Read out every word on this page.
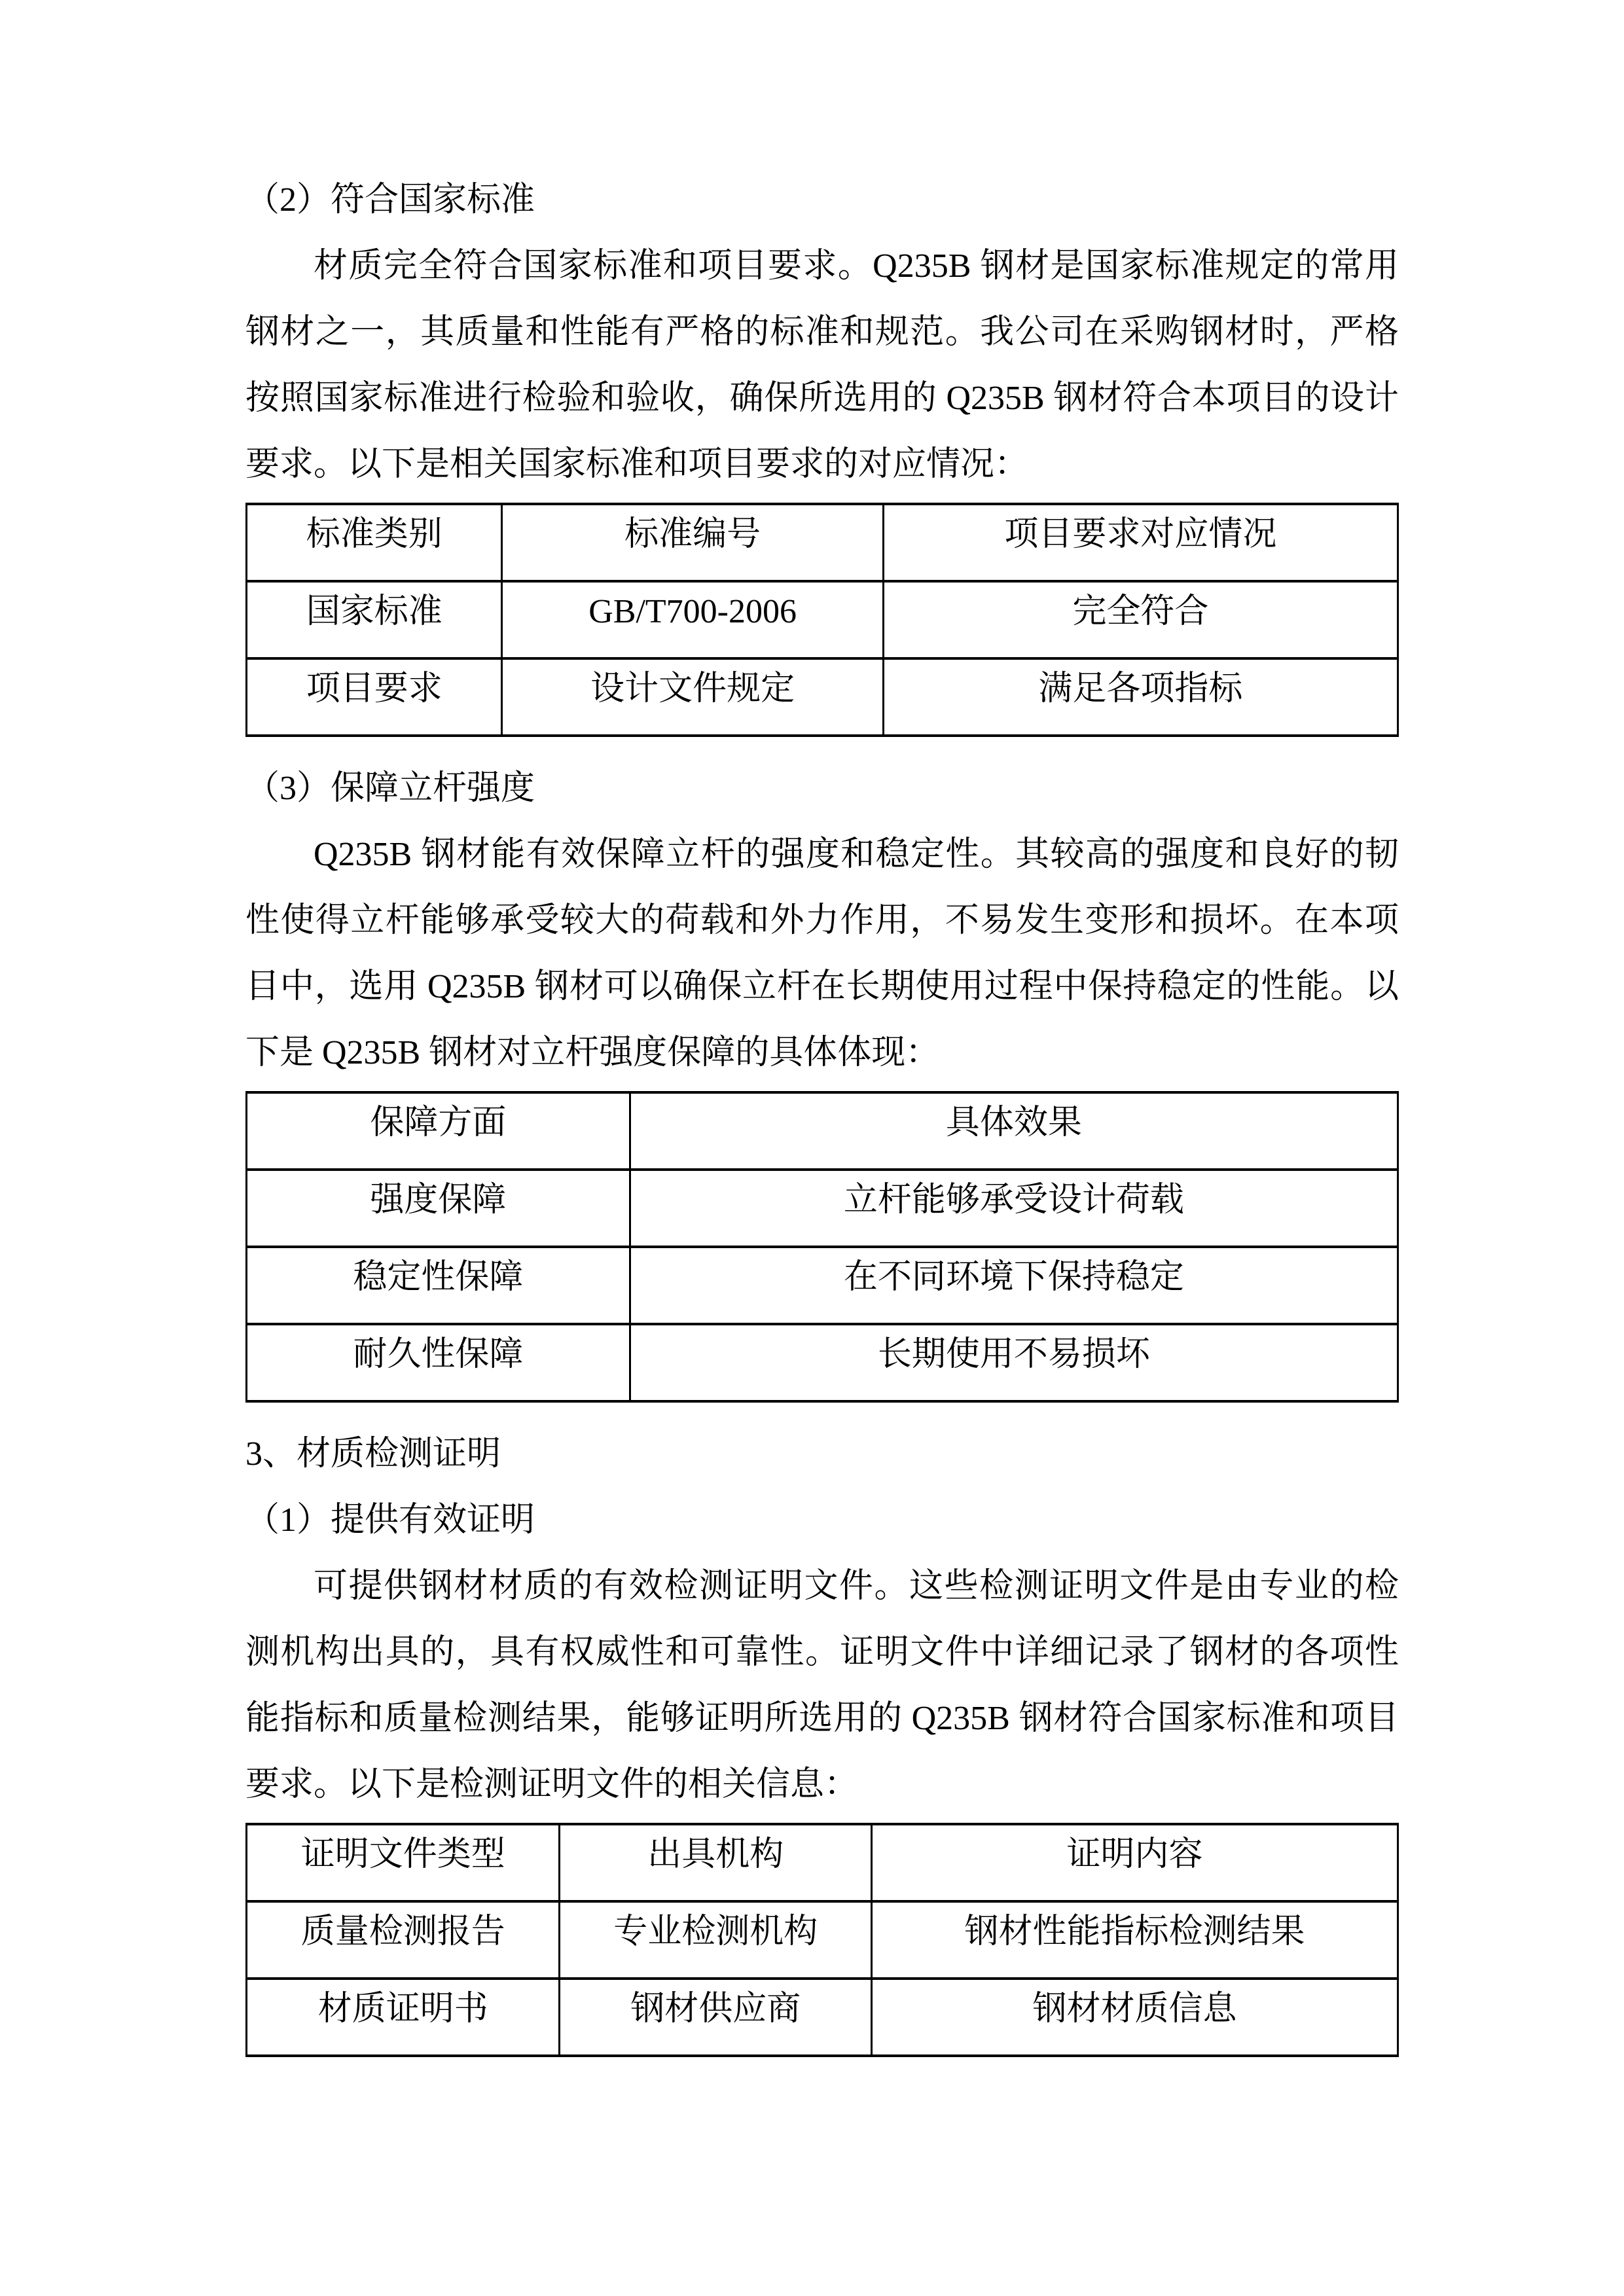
（2）符合国家标准

材质完全符合国家标准和项目要求。Q235B 钢材是国家标准规定的常用钢材之一，其质量和性能有严格的标准和规范。我公司在采购钢材时，严格按照国家标准进行检验和验收，确保所选用的 Q235B 钢材符合本项目的设计要求。以下是相关国家标准和项目要求的对应情况：

标准类别	标准编号	项目要求对应情况
国家标准	GB/T700-2006	完全符合
项目要求	设计文件规定	满足各项指标
（3）保障立杆强度

Q235B 钢材能有效保障立杆的强度和稳定性。其较高的强度和良好的韧性使得立杆能够承受较大的荷载和外力作用，不易发生变形和损坏。在本项目中，选用 Q235B 钢材可以确保立杆在长期使用过程中保持稳定的性能。以下是 Q235B 钢材对立杆强度保障的具体体现：

保障方面	具体效果
强度保障	立杆能够承受设计荷载
稳定性保障	在不同环境下保持稳定
耐久性保障	长期使用不易损坏
3、材质检测证明
（1）提供有效证明

可提供钢材材质的有效检测证明文件。这些检测证明文件是由专业的检测机构出具的，具有权威性和可靠性。证明文件中详细记录了钢材的各项性能指标和质量检测结果，能够证明所选用的 Q235B 钢材符合国家标准和项目要求。以下是检测证明文件的相关信息：

证明文件类型	出具机构	证明内容
质量检测报告	专业检测机构	钢材性能指标检测结果
材质证明书	钢材供应商	钢材材质信息
